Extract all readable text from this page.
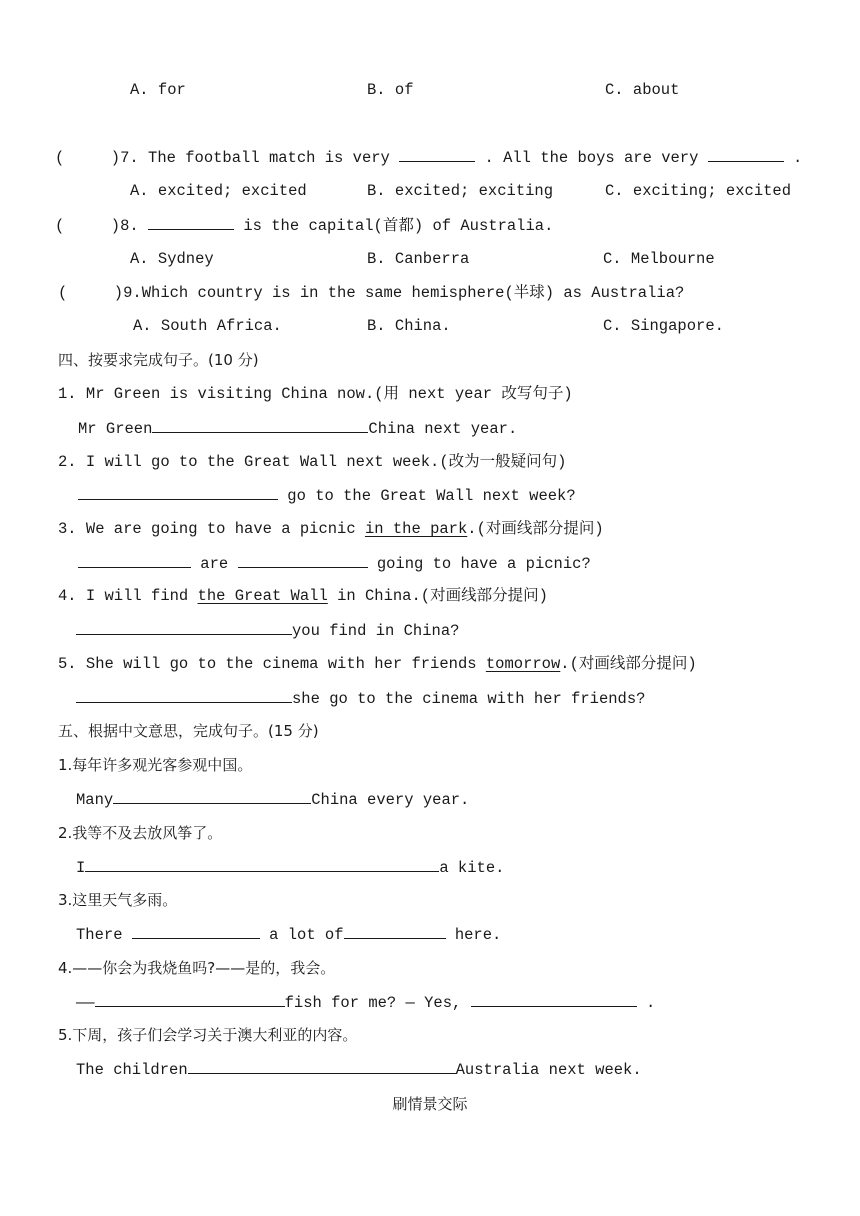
A. for	B. of	C. about
(     )7. The football match is very	. All the boys are very	.
A. excited; excited	B. excited; exciting	C. exciting; excited
(     )8.	is the capital(首都) of Australia.
A. Sydney	B. Canberra	C. Melbourne
(     )9.Which country is in the same hemisphere(半球) as Australia?
A. South Africa.	B. China.	C. Singapore.
四、按要求完成句子。(10 分)
1. Mr Green is visiting China now.(用 next year 改写句子)
Mr Green	China next year.
2. I will go to the Great Wall next week.(改为一般疑问句)
go to the Great Wall next week?
3. We are going to have a picnic in the park.(对画线部分提问)
are	going to have a picnic?
4. I will find the Great Wall in China.(对画线部分提问)
you find in China?
5. She will go to the cinema with her friends tomorrow.(对画线部分提问)
she go to the cinema with her friends?
五、根据中文意思，完成句子。(15 分)
1.每年许多观光客参观中国。
Many	China every year.
2.我等不及去放风筝了。
I	a kite.
3.这里天气多雨。
There	a lot of	here.
4.——你会为我烧鱼吗?——是的，我会。
——	fish for me? — Yes,	.
5.下周，孩子们会学习关于澳大利亚的内容。
The children	Australia next week.
刷情景交际
